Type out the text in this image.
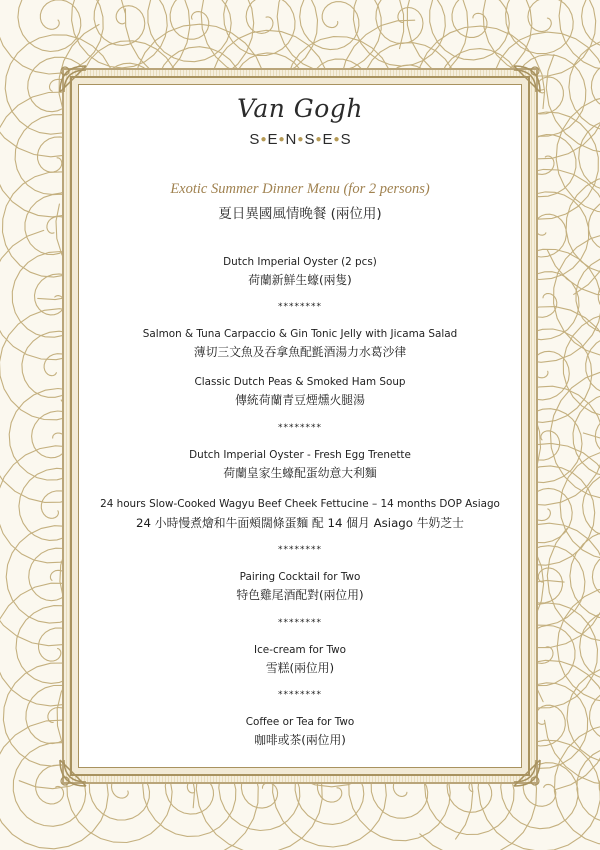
Van Gogh
S●E●N●S●E●S
Exotic Summer Dinner Menu (for 2 persons)
夏日異國風情晚餐 (兩位用)
Dutch Imperial Oyster (2 pcs)
荷蘭新鮮生蠔(兩隻)
********
Salmon & Tuna Carpaccio & Gin Tonic Jelly with Jicama Salad
薄切三文魚及吞拿魚配氈酒湯力水葛沙律
Classic Dutch Peas & Smoked Ham Soup
傳統荷蘭青豆煙燻火腿湯
********
Dutch Imperial Oyster - Fresh Egg Trenette
荷蘭皇家生蠔配蛋幼意大利麵
24 hours Slow-Cooked Wagyu Beef Cheek Fettucine – 14 months DOP Asiago
24 小時慢煮燴和牛面頰闊條蛋麵 配 14 個月 Asiago 牛奶芝士
********
Pairing Cocktail for Two
特色雞尾酒配對(兩位用)
********
Ice-cream for Two
雪糕(兩位用)
********
Coffee or Tea for Two
咖啡或茶(兩位用)
